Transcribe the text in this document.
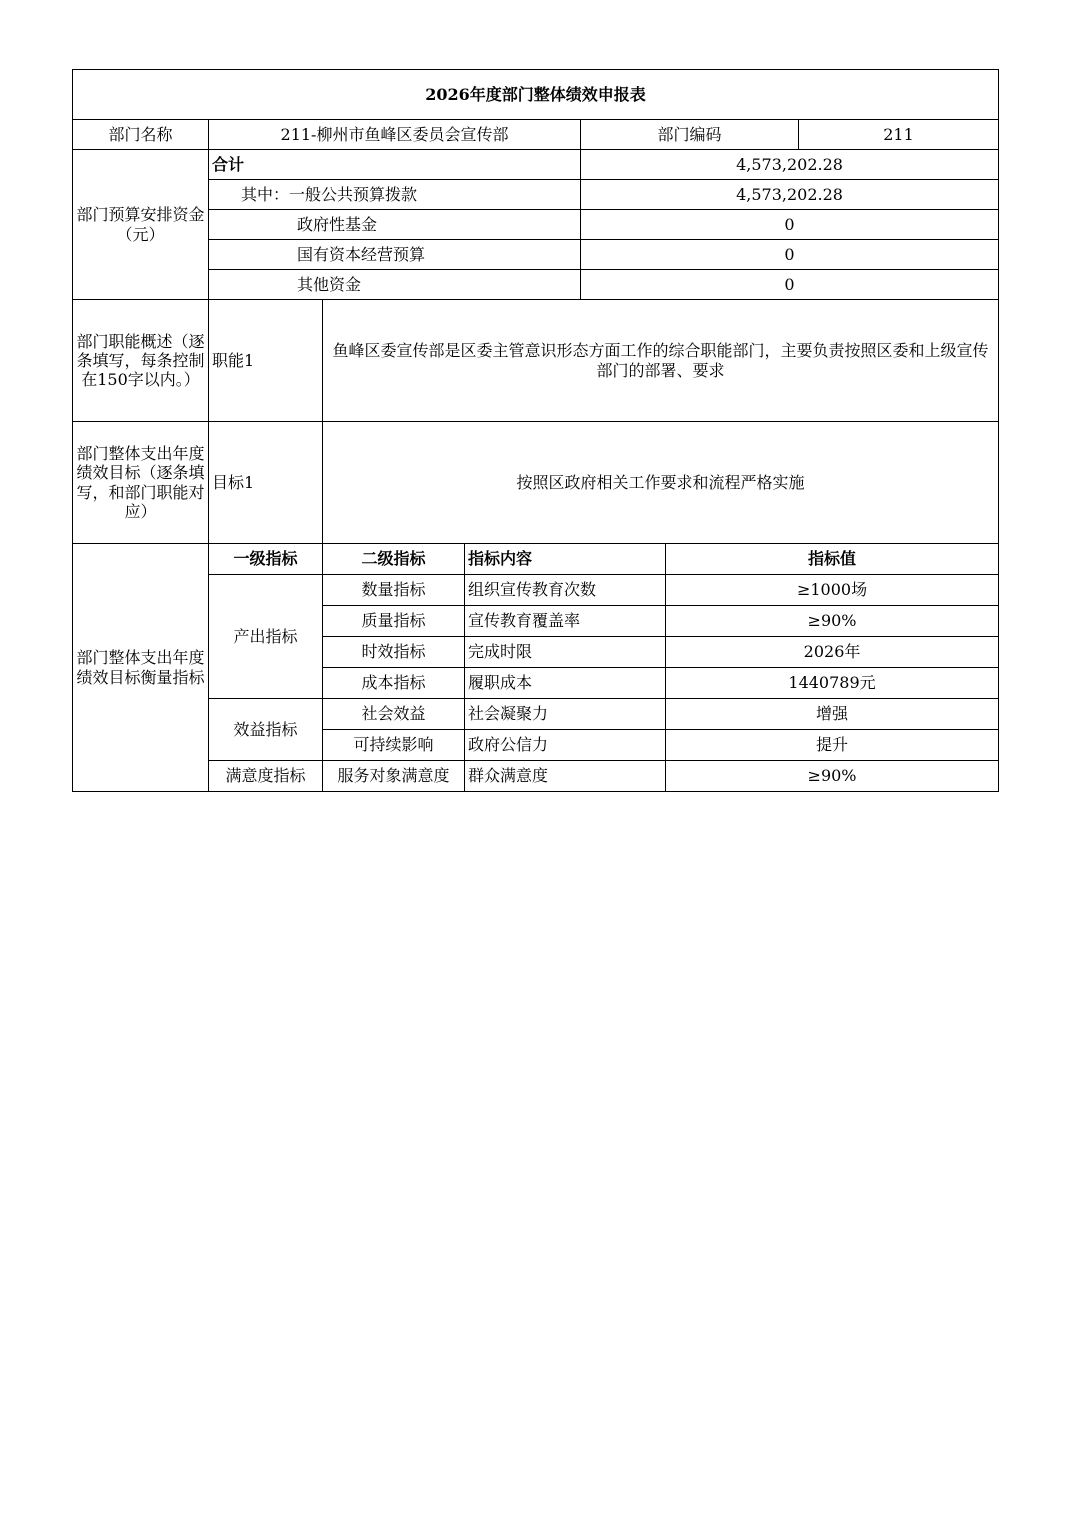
2026年度部门整体绩效申报表						
部门名称	211-柳州市鱼峰区委员会宣传部			部门编码		211
部门预算安排资金（元）	合计			4,573,202.28		
	其中：一般公共预算拨款			4,573,202.28		
	政府性基金			0		
	国有资本经营预算			0		
	其他资金			0		
部门职能概述（逐条填写，每条控制在150字以内。）	职能1	鱼峰区委宣传部是区委主管意识形态方面工作的综合职能部门，主要负责按照区委和上级宣传部门的部署、要求				
部门整体支出年度绩效目标（逐条填写，和部门职能对应）	目标1	按照区政府相关工作要求和流程严格实施				
部门整体支出年度绩效目标衡量指标	一级指标	二级指标	指标内容		指标值	
	产出指标	数量指标	组织宣传教育次数		≥1000场	
		质量指标	宣传教育覆盖率		≥90%	
		时效指标	完成时限		2026年	
		成本指标	履职成本		1440789元	
	效益指标	社会效益	社会凝聚力		增强	
		可持续影响	政府公信力		提升	
	满意度指标	服务对象满意度	群众满意度		≥90%	
